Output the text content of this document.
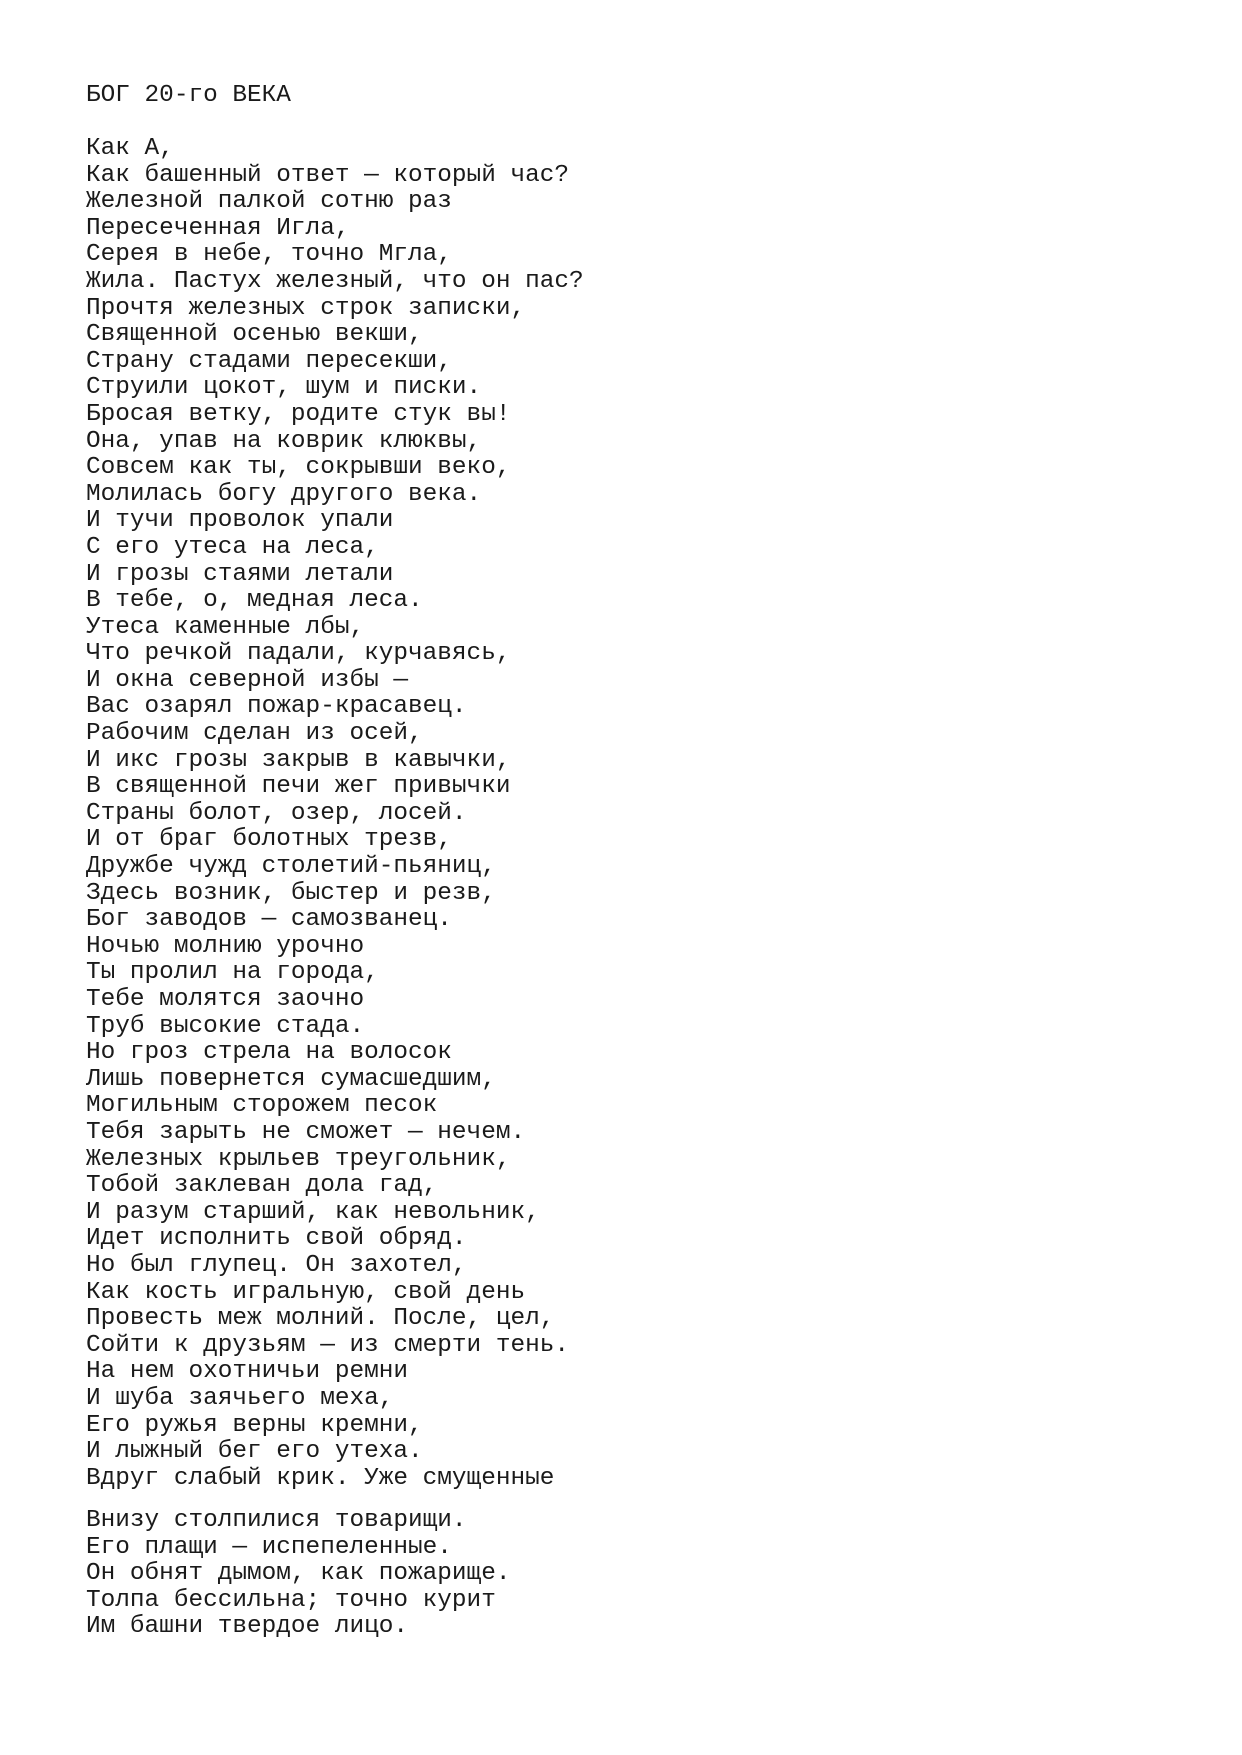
БОГ 20-го ВЕКА
Как А,
Как башенный ответ — который час?
Железной палкой сотню раз
Пересеченная Игла,
Серея в небе, точно Мгла,
Жила. Пастух железный, что он пас?
Прочтя железных строк записки,
Священной осенью векши,
Страну стадами пересекши,
Струили цокот, шум и писки.
Бросая ветку, родите стук вы!
Она, упав на коврик клюквы,
Совсем как ты, сокрывши веко,
Молилась богу другого века.
И тучи проволок упали
С его утеса на леса,
И грозы стаями летали
В тебе, о, медная леса.
Утеса каменные лбы,
Что речкой падали, курчавясь,
И окна северной избы —
Вас озарял пожар-красавец.
Рабочим сделан из осей,
И икс грозы закрыв в кавычки,
В священной печи жег привычки
Страны болот, озер, лосей.
И от браг болотных трезв,
Дружбе чужд столетий-пьяниц,
Здесь возник, быстер и резв,
Бог заводов — самозванец.
Ночью молнию урочно
Ты пролил на города,
Тебе молятся заочно
Труб высокие стада.
Но гроз стрела на волосок
Лишь повернется сумасшедшим,
Могильным сторожем песок
Тебя зарыть не сможет — нечем.
Железных крыльев треугольник,
Тобой заклеван дола гад,
И разум старший, как невольник,
Идет исполнить свой обряд.
Но был глупец. Он захотел,
Как кость игральную, свой день
Провесть меж молний. После, цел,
Сойти к друзьям — из смерти тень.
На нем охотничьи ремни
И шуба заячьего меха,
Его ружья верны кремни,
И лыжный бег его утеха.
Вдруг слабый крик. Уже смущенные
Внизу столпилися товарищи.
Его плащи — испепеленные.
Он обнят дымом, как пожарище.
Толпа бессильна; точно курит
Им башни твердое лицо.
